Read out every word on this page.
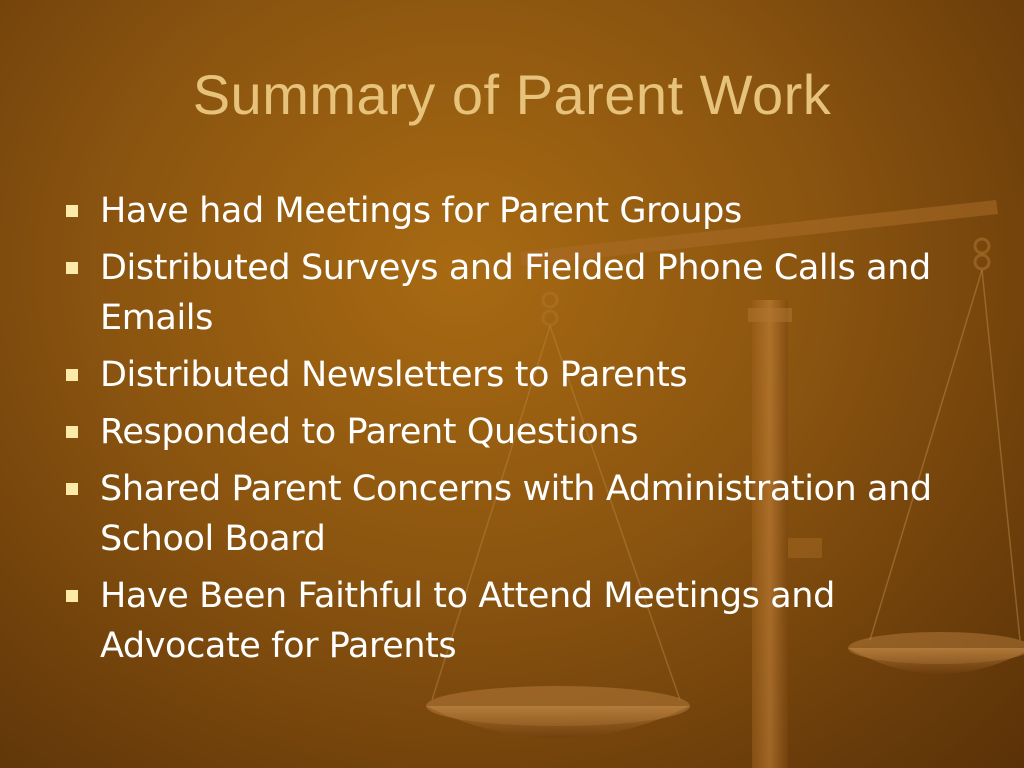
Summary of Parent Work
Have had Meetings for Parent Groups
Distributed Surveys and Fielded Phone Calls and Emails
Distributed Newsletters to Parents
Responded to Parent Questions
Shared Parent Concerns with Administration and School Board
Have Been Faithful to Attend Meetings and Advocate for Parents
